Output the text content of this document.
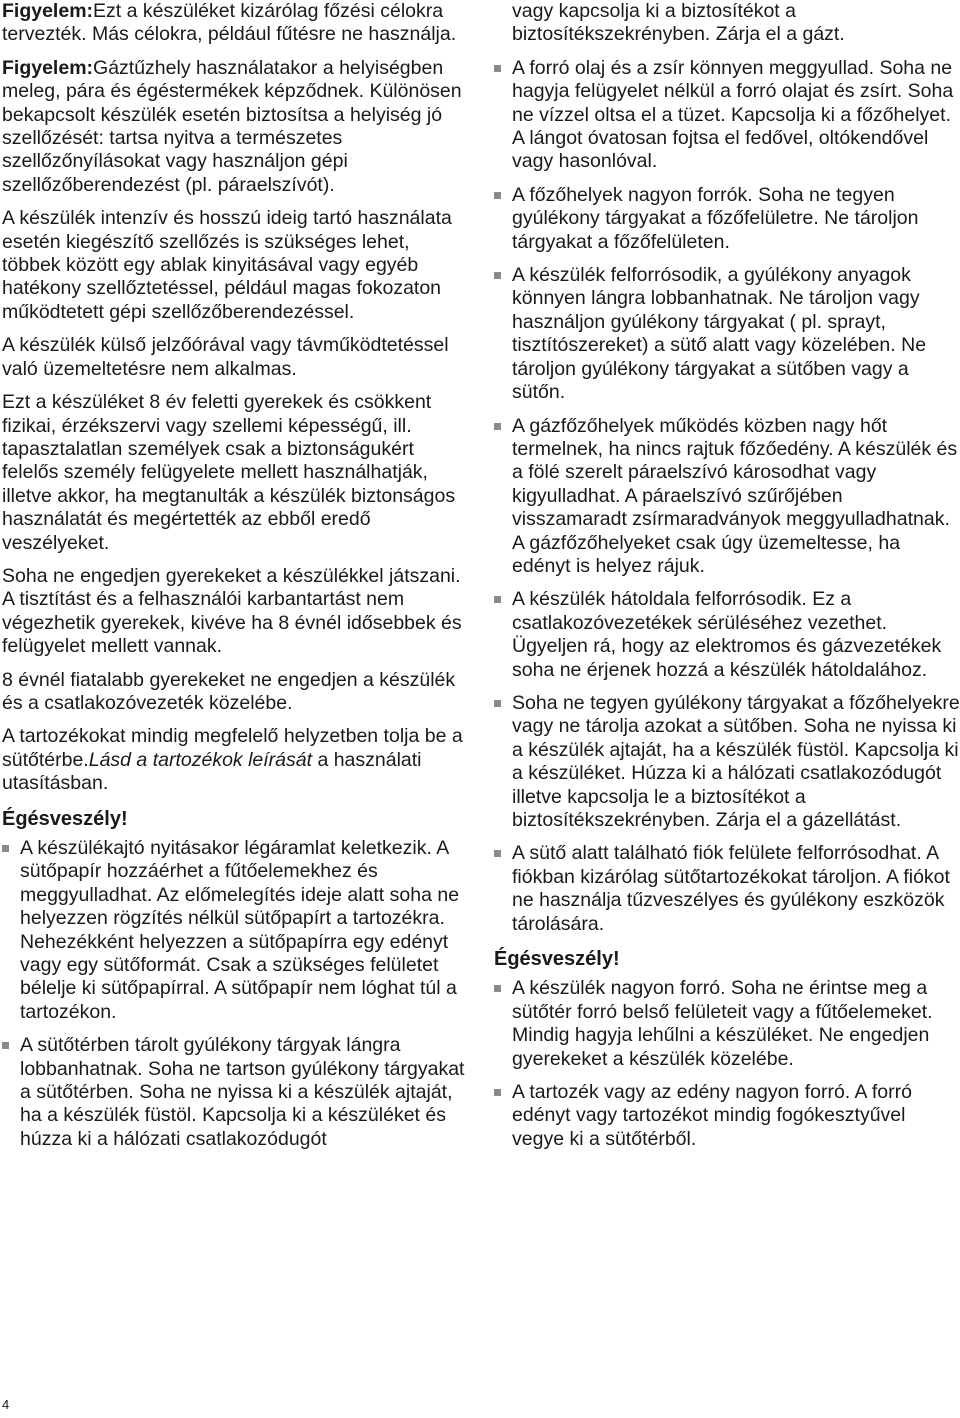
Figyelem:Ezt a készüléket kizárólag főzési célokra tervezték. Más célokra, például fűtésre ne használja.

Figyelem:Gáztűzhely használatakor a helyiségben meleg, pára és égéstermékek képződnek. Különösen bekapcsolt készülék esetén biztosítsa a helyiség jó szellőzését: tartsa nyitva a természetes szellőzőnyílásokat vagy használjon gépi szellőzőberendezést (pl. páraelszívót).

A készülék intenzív és hosszú ideig tartó használata esetén kiegészítő szellőzés is szükséges lehet, többek között egy ablak kinyitásával vagy egyéb hatékony szellőztetéssel, például magas fokozaton működtetett gépi szellőzőberendezéssel.

A készülék külső jelzőórával vagy távműködtetéssel való üzemeltetésre nem alkalmas.

Ezt a készüléket 8 év feletti gyerekek és csökkent fizikai, érzékszervi vagy szellemi képességű, ill. tapasztalatlan személyek csak a biztonságukért felelős személy felügyelete mellett használhatják, illetve akkor, ha megtanulták a készülék biztonságos használatát és megértették az ebből eredő veszélyeket.

Soha ne engedjen gyerekeket a készülékkel játszani. A tisztítást és a felhasználói karbantartást nem végezhetik gyerekek, kivéve ha 8 évnél idősebbek és felügyelet mellett vannak.

8 évnél fiatalabb gyerekeket ne engedjen a készülék és a csatlakozóvezeték közelébe.

A tartozékokat mindig megfelelő helyzetben tolja be a sütőtérbe.Lásd a tartozékok leírását a használati utasításban.

Égésveszély!
A készülékajtó nyitásakor légáramlat keletkezik. A sütőpapír hozzáérhet a fűtőelemekhez és meggyulladhat. Az előmelegítés ideje alatt soha ne helyezzen rögzítés nélkül sütőpapírt a tartozékra. Nehezékként helyezzen a sütőpapírra egy edényt vagy egy sütőformát. Csak a szükséges felületet bélelje ki sütőpapírral. A sütőpapír nem lóghat túl a tartozékon.
A sütőtérben tárolt gyúlékony tárgyak lángra lobbanhatnak. Soha ne tartson gyúlékony tárgyakat a sütőtérben. Soha ne nyissa ki a készülék ajtaját, ha a készülék füstöl. Kapcsolja ki a készüléket és húzza ki a hálózati csatlakozódugót

vagy kapcsolja ki a biztosítékot a biztosítékszekrényben. Zárja el a gázt.

A forró olaj és a zsír könnyen meggyullad. Soha ne hagyja felügyelet nélkül a forró olajat és zsírt. Soha ne vízzel oltsa el a tüzet. Kapcsolja ki a főzőhelyet. A lángot óvatosan fojtsa el fedővel, oltókendővel vagy hasonlóval.
A főzőhelyek nagyon forrók. Soha ne tegyen gyúlékony tárgyakat a főzőfelületre. Ne tároljon tárgyakat a főzőfelületen.
A készülék felforrósodik, a gyúlékony anyagok könnyen lángra lobbanhatnak. Ne tároljon vagy használjon gyúlékony tárgyakat ( pl. sprayt, tisztítószereket) a sütő alatt vagy közelében. Ne tároljon gyúlékony tárgyakat a sütőben vagy a sütőn.
A gázfőzőhelyek működés közben nagy hőt termelnek, ha nincs rajtuk főzőedény. A készülék és a fölé szerelt páraelszívó károsodhat vagy kigyulladhat. A páraelszívó szűrőjében visszamaradt zsírmaradványok meggyulladhatnak. A gázfőzőhelyeket csak úgy üzemeltesse, ha edényt is helyez rájuk.
A készülék hátoldala felforrósodik. Ez a csatlakozóvezetékek sérüléséhez vezethet. Ügyeljen rá, hogy az elektromos és gázvezetékek soha ne érjenek hozzá a készülék hátoldalához.
Soha ne tegyen gyúlékony tárgyakat a főzőhelyekre vagy ne tárolja azokat a sütőben. Soha ne nyissa ki a készülék ajtaját, ha a készülék füstöl. Kapcsolja ki a készüléket. Húzza ki a hálózati csatlakozódugót illetve kapcsolja le a biztosítékot a biztosítékszekrényben. Zárja el a gázellátást.
A sütő alatt található fiók felülete felforrósodhat. A fiókban kizárólag sütőtartozékokat tároljon. A fiókot ne használja tűzveszélyes és gyúlékony eszközök tárolására.
Égésveszély!
A készülék nagyon forró. Soha ne érintse meg a sütőtér forró belső felületeit vagy a fűtőelemeket. Mindig hagyja lehűlni a készüléket. Ne engedjen gyerekeket a készülék közelébe.
A tartozék vagy az edény nagyon forró. A forró edényt vagy tartozékot mindig fogókesztyűvel vegye ki a sütőtérből.
4
